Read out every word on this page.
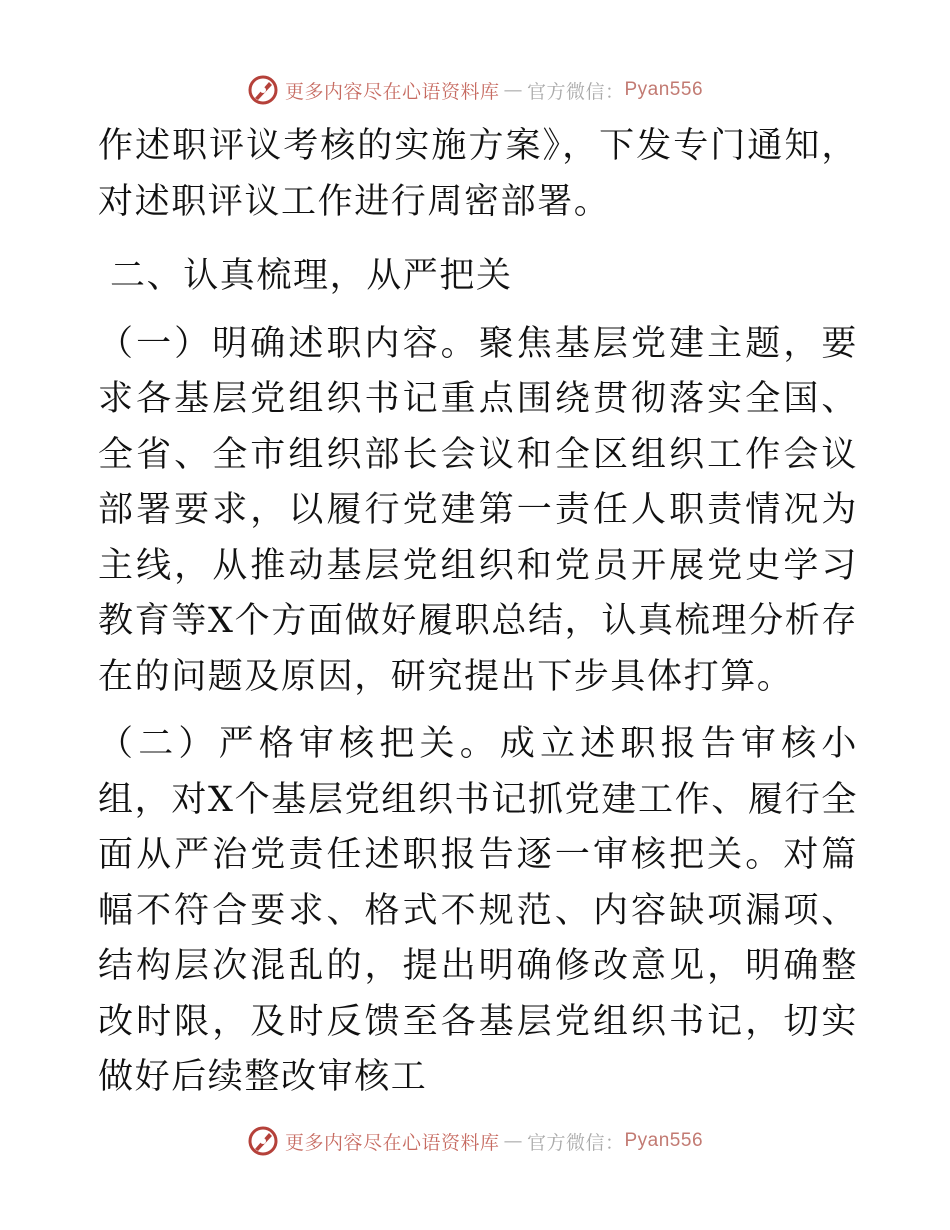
更多内容尽在心语资料库 — 官方微信： Pyan556

作述职评议考核的实施方案》，下发专门通知，对述职评议工作进行周密部署。

二、认真梳理，从严把关

（一）明确述职内容。聚焦基层党建主题，要求各基层党组织书记重点围绕贯彻落实全国、全省、全市组织部长会议和全区组织工作会议部署要求，以履行党建第一责任人职责情况为主线，从推动基层党组织和党员开展党史学习教育等X个方面做好履职总结，认真梳理分析存在的问题及原因，研究提出下步具体打算。

（二）严格审核把关。成立述职报告审核小组，对X个基层党组织书记抓党建工作、履行全面从严治党责任述职报告逐一审核把关。对篇幅不符合要求、格式不规范、内容缺项漏项、结构层次混乱的，提出明确修改意见，明确整改时限，及时反馈至各基层党组织书记，切实做好后续整改审核工

更多内容尽在心语资料库 — 官方微信： Pyan556
